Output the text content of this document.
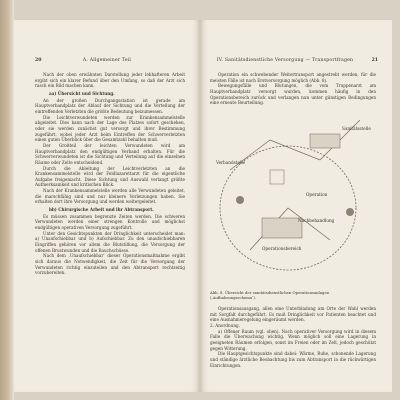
20	A. Allgemeiner Teil

Nach der oben erwähnten Darstellung jeder lebhafteren Arbeit ergibt sich ein klarer Befund über den Umfang, so daß der Arzt sich rasch ein Bild machen kann.

aa) Übersicht und Sichtung.

An der großen Durchgangsstation ist gerade am Hauptverbandplatz der Ablauf der Sichtung und die Verteilung der eintreffenden Verletzten die größte Bedeutung beizumessen.

Die Leichtverwundeten werden zur Krankensammelstelle abgeleitet. Dies kann nach der Lage des Platzes sofort geschehen, oder sie werden zunächst gut versorgt und ihrer Bestimmung zugeführt, wobei jeder Arzt beim Eintreffen der Schwerverletzten einen guten Überblick über die Gesamtzahl behalten muß.

Der Großteil der leichten Verwundeten wird am Hauptverbandplatz den endgültigen Verband erhalten. Für die Schwerverwundeten ist die Sichtung und Verteilung auf die einzelnen Räume oder Zelte entscheidend.

Durch die Ableitung der Leichtverletzten an die Krankensammelstelle wird der Feldlazarettarzt für die eigentliche Aufgabe freigemacht. Diese Sichtung und Auswahl verlangt größte Aufmerksamkeit und kritischen Blick.

Nach der Krankensammelstelle werden alle Verwundeten geleitet, die marschfähig sind und nur kleinere Verletzungen haben. Sie erhalten dort ihre Versorgung und werden weitergeleitet.

bb) Chirurgische Arbeit und ihr Abtransport.

Es müssen zusammen begrenzte Zeiten werden. Die schweren Verwundeten werden einer strengen Kontrolle und möglichst endgültigen operativen Versorgung zugeführt.

Unter den Gesichtspunkten der Dringlichkeit unterscheidet man: a) Unaufschiebbar und b) Aufschiebbar. Zu den unaufschiebbaren Eingriffen gehören vor allem die Blutstillung, die Versorgung der offenen Brustwunden und die Bauchschüsse.

Nach dem ,Unaufschiebbar‘ dieser Operationsmaßnahme ergibt sich daraus die Notwendigkeit, die Zeit für die Versorgung der Verwundeten richtig einzuteilen und den Abtransport rechtzeitig vorzubereiten.

IV. Sanitätsdienstliche Versorgung — Transportfragen	21

Operation ein schwebender Weitertransport angestrebt werden, für die meisten Fälle ist nach Erstversorgung möglich (Abb. 8).

Bewegungsfälle und Blutungen, die vom Truppenarzt am Hauptverbandplatz versorgt wurden, kommen häufig in den Operationsbereich zurück und verlangen nun unter günstigen Bedingungen eine erneute Beurteilung.

Sanitätsstelle
Operation
Nachbehandlung
Operationsbereich
Verbandstelle
Abb. 8. Übersicht der sanitätsdienstlichen Operationsanlagen (,Aufbahrungsschema‘).

Operationsausgang, allen eine Unterbindung am Orte der Wahl werden mit Sorgfalt durchgeführt. Es muß Dringlichkeit vor Patienten beachtet und eine Ausnahmeregelung eingeräumt werden.

2. Anordnung.

a) Offener Raum (vgl. oben). Nach operativer Versorgung wird in diesem Falle die Überwachung wichtig. Wenn möglich soll eine Lagerung in geeigneten Räumen erfolgen, sonst im Freien oder im Zelt, jedoch geschützt gegen Witterung.

Die Hauptgesichtspunkte sind dabei: Wärme, Ruhe, schonende Lagerung und ständige ärztliche Beobachtung bis zum Abtransport in die rückwärtigen Einrichtungen.
